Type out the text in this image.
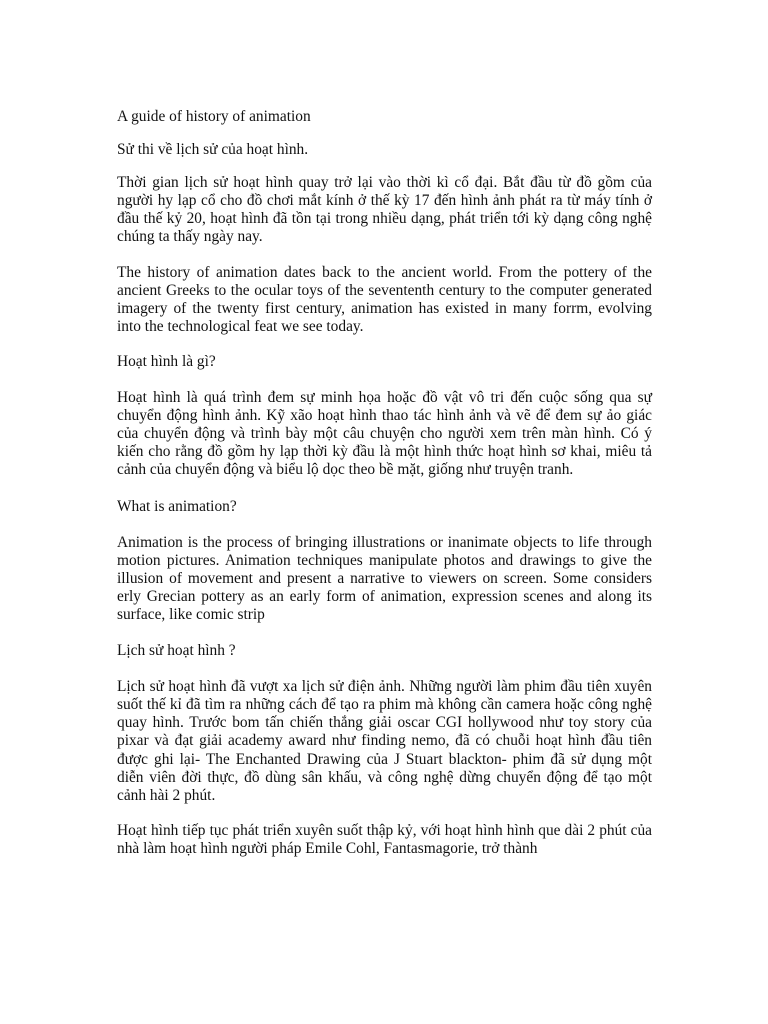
A guide of history of animation

Sử thi về lịch sử của hoạt hình.

Thời gian lịch sử hoạt hình quay trở lại vào thời kì cổ đại. Bắt đầu từ đồ gồm của người hy lạp cổ cho đồ chơi mắt kính ở thế kỳ 17 đến hình ảnh phát ra từ máy tính ở đầu thế kỷ 20, hoạt hình đã tồn tại trong nhiều dạng, phát triển tới kỳ dạng công nghệ chúng ta thấy ngày nay.

The history of animation dates back to the ancient world. From the pottery of the ancient Greeks to the ocular toys of the sevententh century to the computer generated imagery of the twenty first century, animation has existed in many forrm, evolving into the technological feat we see today.

Hoạt hình là gì?

Hoạt hình là quá trình đem sự minh họa hoặc đồ vật vô tri đến cuộc sống qua sự chuyển động hình ảnh. Kỹ xão hoạt hình thao tác hình ảnh và vẽ để đem sự ảo giác của chuyển động và trình bày một câu chuyện cho người xem trên màn hình. Có ý kiến cho rằng đồ gồm hy lạp thời kỳ đầu là một hình thức hoạt hình sơ khai, miêu tả cảnh của chuyển động và biểu lộ dọc theo bề mặt, giống như truyện tranh.

What is animation?

Animation is the process of bringing illustrations or inanimate objects to life through motion pictures. Animation techniques manipulate photos and drawings to give the illusion of movement and present a narrative to viewers on screen. Some considers erly Grecian pottery as an early form of animation, expression scenes and along its surface, like comic strip

Lịch sử hoạt hình ?

Lịch sử hoạt hình đã vượt xa lịch sử điện ảnh. Những người làm phim đầu tiên xuyên suốt thế kỉ đã tìm ra những cách để tạo ra phim mà không cần camera hoặc công nghệ quay hình. Trước bom tấn chiến thắng giải oscar CGI hollywood như toy story của pixar và đạt giải academy award như finding nemo, đã có chuỗi hoạt hình đầu tiên được ghi lại- The Enchanted Drawing của J Stuart blackton- phim đã sử dụng một diễn viên đời thực, đồ dùng sân khấu, và công nghệ dừng chuyển động để tạo một cảnh hài 2 phút.

Hoạt hình tiếp tục phát triển xuyên suốt thập kỷ, với hoạt hình hình que dài 2 phút của nhà làm hoạt hình người pháp Emile Cohl, Fantasmagorie, trở thành
